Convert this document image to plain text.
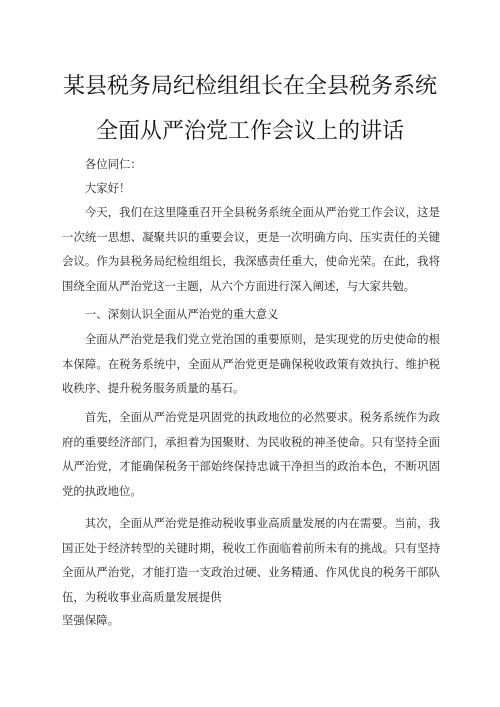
某县税务局纪检组组长在全县税务系统
全面从严治党工作会议上的讲话
各位同仁：
大家好！
今天，我们在这里隆重召开全县税务系统全面从严治党工作会议，这是一次统一思想、凝聚共识的重要会议，更是一次明确方向、压实责任的关键会议。作为县税务局纪检组组长，我深感责任重大，使命光荣。在此，我将围绕全面从严治党这一主题，从六个方面进行深入阐述，与大家共勉。
一、深刻认识全面从严治党的重大意义
全面从严治党是我们党立党治国的重要原则，是实现党的历史使命的根本保障。在税务系统中，全面从严治党更是确保税收政策有效执行、维护税收秩序、提升税务服务质量的基石。
首先，全面从严治党是巩固党的执政地位的必然要求。税务系统作为政府的重要经济部门，承担着为国聚财、为民收税的神圣使命。只有坚持全面从严治党，才能确保税务干部始终保持忠诚干净担当的政治本色，不断巩固党的执政地位。
其次，全面从严治党是推动税收事业高质量发展的内在需要。当前，我国正处于经济转型的关键时期，税收工作面临着前所未有的挑战。只有坚持全面从严治党，才能打造一支政治过硬、业务精通、作风优良的税务干部队伍，为税收事业高质量发展提供
坚强保障。
